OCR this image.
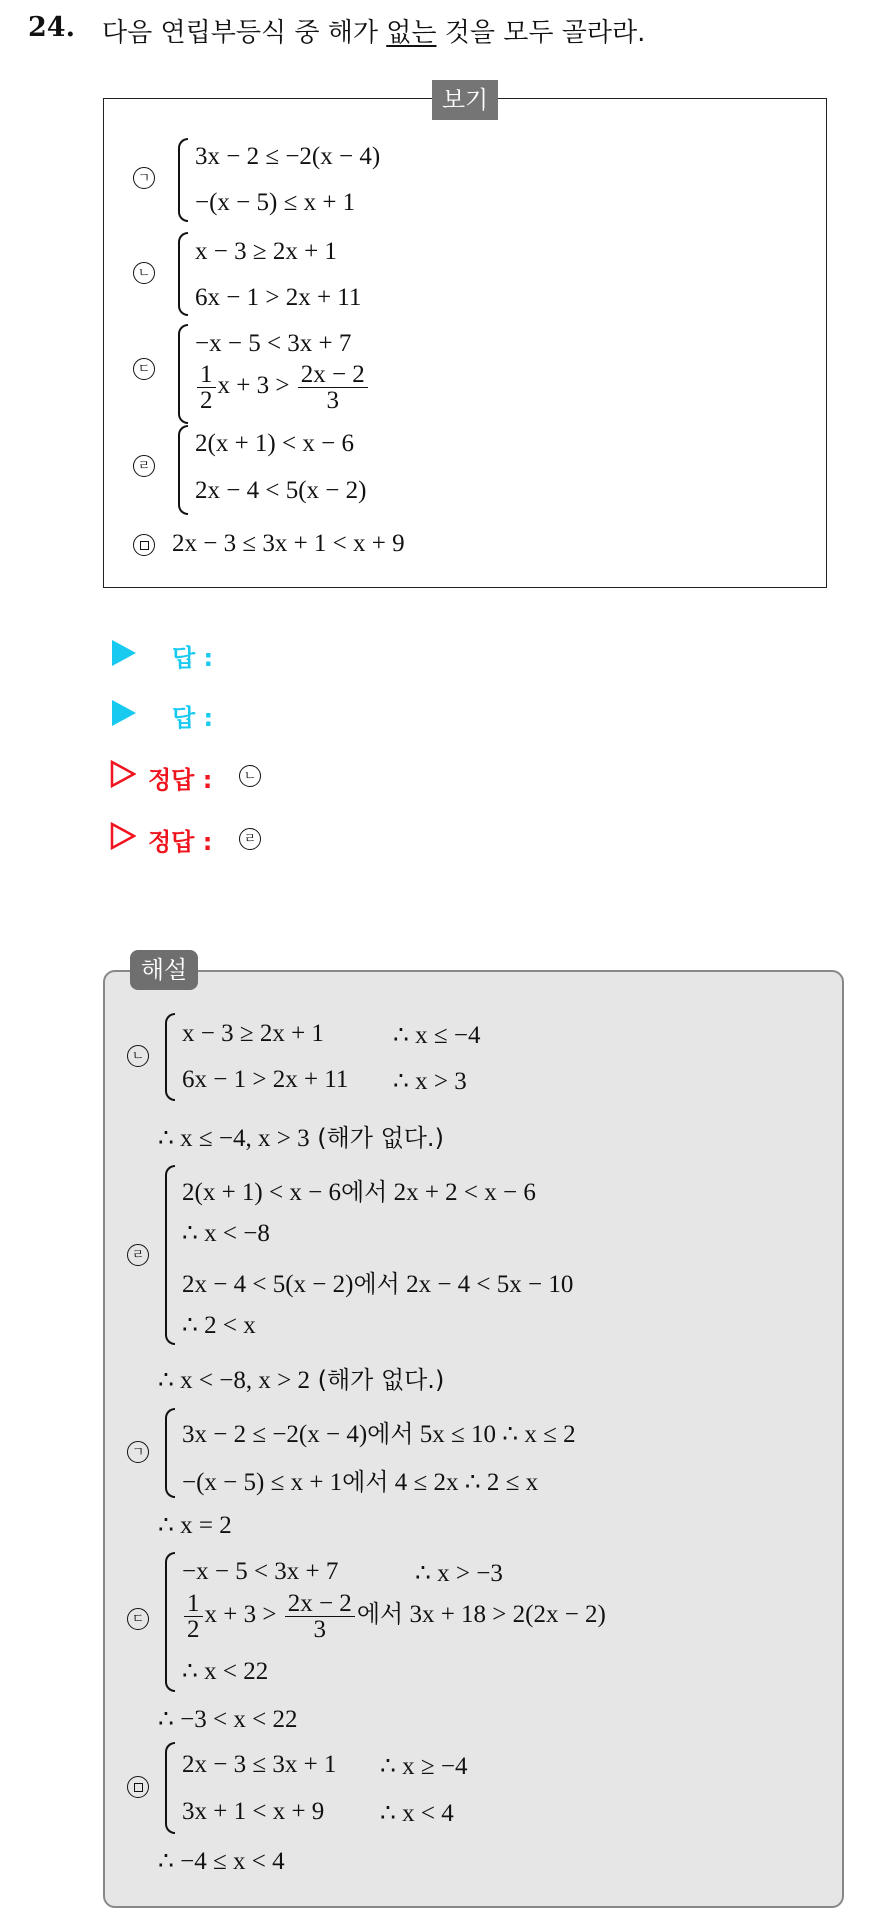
24. 다음 연립부등식 중 해가 없는 것을 모두 골라라.
보기
ㄱ
3x − 2 ≤ −2(x − 4)
−(x − 5) ≤ x + 1
ㄴ
x − 3 ≥ 2x + 1
6x − 1 > 2x + 11
ㄷ
−x − 5 < 3x + 7
$\frac{1}{2}$ $x + 3 > \frac{2x - 2}{3}$
ㄹ
2(x + 1) < x − 6
2x − 4 < 5(x − 2)
2x − 3 ≤ 3x + 1 < x + 9
답 :
답 :
정답 :	ㄴ
정답 :	ㄹ
해설
ㄴ
x − 3 ≥ 2x + 1	∴ x ≤ −4
6x − 1 > 2x + 11 ∴ x > 3
∴ x ≤ −4, x > 3 (해가 없다.)
ㄹ
2(x + 1) < x − 6에서 2x + 2 < x − 6
∴ x < −8
2x − 4 < 5(x − 2)에서 2x − 4 < 5x − 10
∴ 2 < x
∴ x < −8, x > 2 (해가 없다.)
ㄱ
3x − 2 ≤ −2(x − 4)에서 5x ≤ 10 ∴ x ≤ 2
−(x − 5) ≤ x + 1에서 4 ≤ 2x ∴ 2 ≤ x
∴ x = 2
ㄷ
−x − 5 < 3x + 7	∴ x > −3
$\frac{1}{2}$ $x + 3 > \frac{2x - 2}{3}$ 에서 3x + 18 > 2(2x − 2)
∴ x < 22
∴ −3 < x < 22
2x − 3 ≤ 3x + 1 ∴ x ≥ −4
3x + 1 < x + 9 ∴ x < 4
∴ −4 ≤ x < 4
